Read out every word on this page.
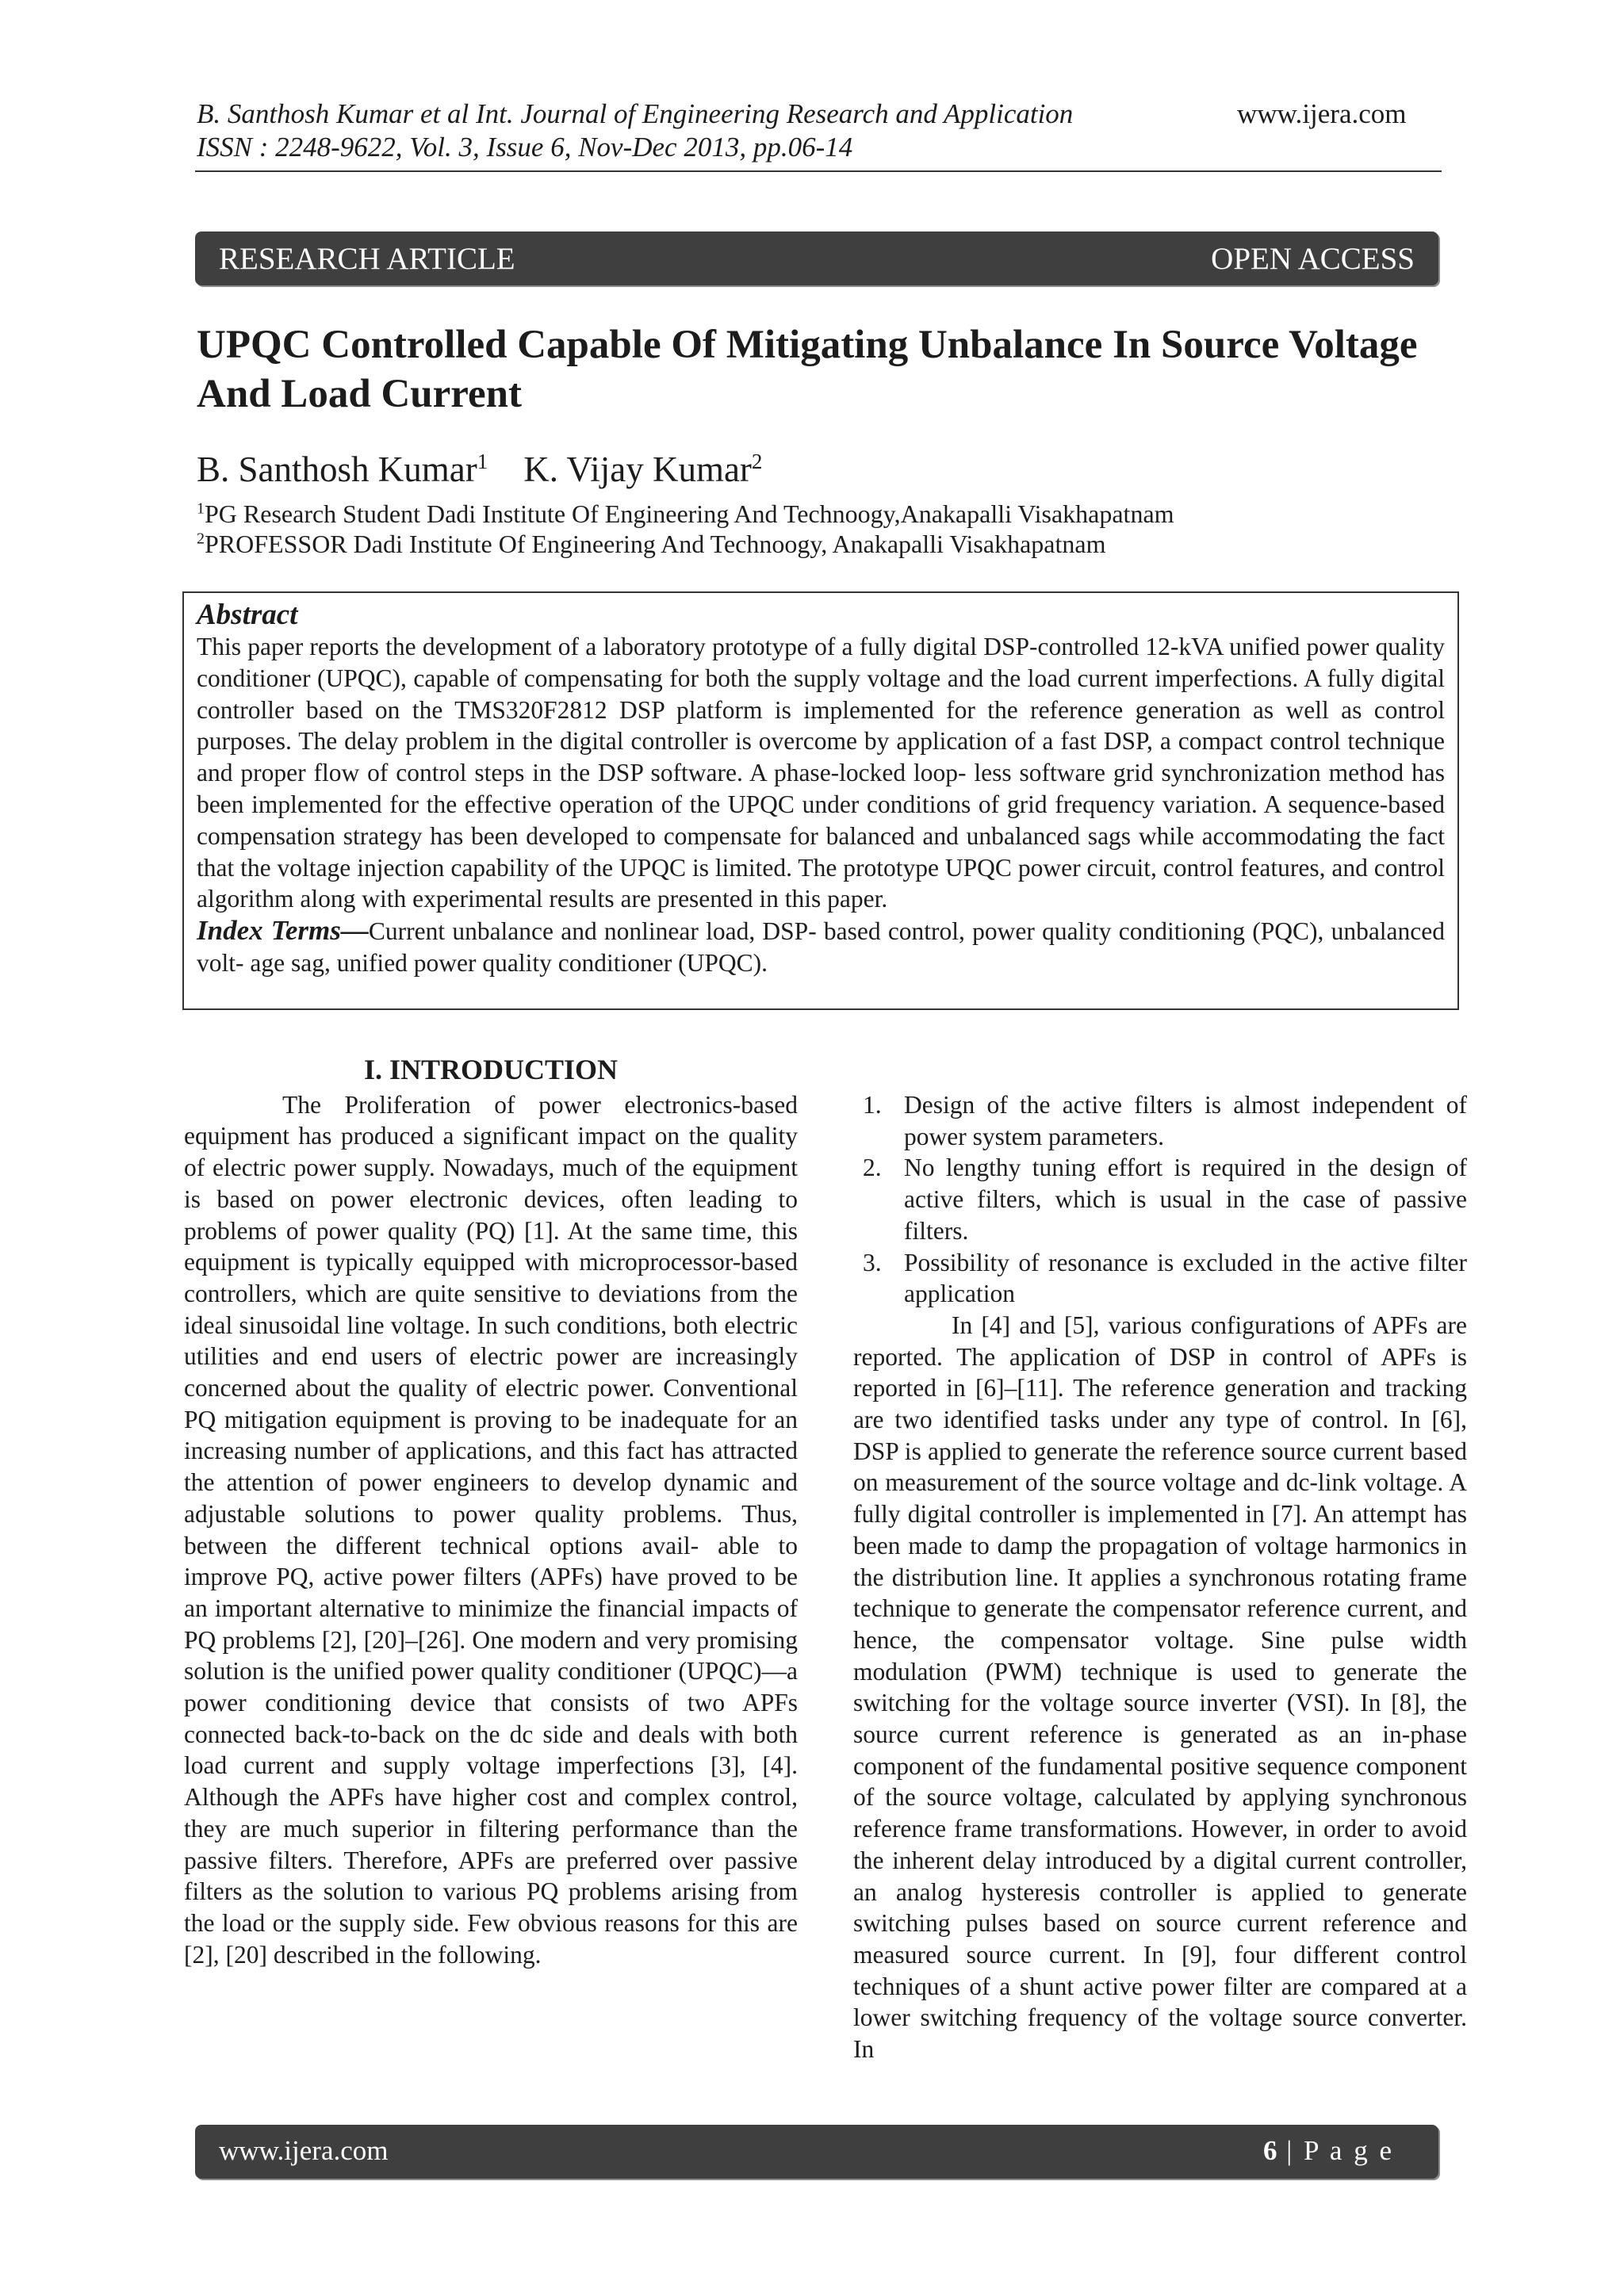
B. Santhosh Kumar et al Int. Journal of Engineering Research and Application
ISSN : 2248-9622, Vol. 3, Issue 6, Nov-Dec 2013, pp.06-14
www.ijera.com
RESEARCH ARTICLE	OPEN ACCESS
UPQC Controlled Capable Of Mitigating Unbalance In Source Voltage And Load Current
B. Santhosh Kumar$^1$ K. Vijay Kumar$^2$
$^1$PG Research Student Dadi Institute Of Engineering And Technoogy,Anakapalli Visakhapatnam
$^2$PROFESSOR Dadi Institute Of Engineering And Technoogy, Anakapalli Visakhapatnam
Abstract
This paper reports the development of a laboratory prototype of a fully digital DSP-controlled 12-kVA unified power quality conditioner (UPQC), capable of compensating for both the supply voltage and the load current imperfections. A fully digital controller based on the TMS320F2812 DSP platform is implemented for the reference generation as well as control purposes. The delay problem in the digital controller is overcome by application of a fast DSP, a compact control technique and proper flow of control steps in the DSP software. A phase-locked loop- less software grid synchronization method has been implemented for the effective operation of the UPQC under conditions of grid frequency variation. A sequence-based compensation strategy has been developed to compensate for balanced and unbalanced sags while accommodating the fact that the voltage injection capability of the UPQC is limited. The prototype UPQC power circuit, control features, and control algorithm along with experimental results are presented in this paper.
Index Terms—Current unbalance and nonlinear load, DSP- based control, power quality conditioning (PQC), unbalanced volt- age sag, unified power quality conditioner (UPQC).
I. INTRODUCTION
The Proliferation of power electronics-based equipment has produced a significant impact on the quality of electric power supply. Nowadays, much of the equipment is based on power electronic devices, often leading to problems of power quality (PQ) [1]. At the same time, this equipment is typically equipped with microprocessor-based controllers, which are quite sensitive to deviations from the ideal sinusoidal line voltage. In such conditions, both electric utilities and end users of electric power are increasingly concerned about the quality of electric power. Conventional PQ mitigation equipment is proving to be inadequate for an increasing number of applications, and this fact has attracted the attention of power engineers to develop dynamic and adjustable solutions to power quality problems. Thus, between the different technical options avail- able to improve PQ, active power filters (APFs) have proved to be an important alternative to minimize the financial impacts of PQ problems [2], [20]–[26]. One modern and very promising solution is the unified power quality conditioner (UPQC)—a power conditioning device that consists of two APFs connected back-to-back on the dc side and deals with both load current and supply voltage imperfections [3], [4]. Although the APFs have higher cost and complex control, they are much superior in filtering performance than the passive filters. Therefore, APFs are preferred over passive filters as the solution to various PQ problems arising from the load or the supply side. Few obvious reasons for this are [2], [20] described in the following.
1. Design of the active filters is almost independent of power system parameters.
2. No lengthy tuning effort is required in the design of active filters, which is usual in the case of passive filters.
3. Possibility of resonance is excluded in the active filter application
In [4] and [5], various configurations of APFs are reported. The application of DSP in control of APFs is reported in [6]–[11]. The reference generation and tracking are two identified tasks under any type of control. In [6], DSP is applied to generate the reference source current based on measurement of the source voltage and dc-link voltage. A fully digital controller is implemented in [7]. An attempt has been made to damp the propagation of voltage harmonics in the distribution line. It applies a synchronous rotating frame technique to generate the compensator reference current, and hence, the compensator voltage. Sine pulse width modulation (PWM) technique is used to generate the switching for the voltage source inverter (VSI). In [8], the source current reference is generated as an in-phase component of the fundamental positive sequence component of the source voltage, calculated by applying synchronous reference frame transformations. However, in order to avoid the inherent delay introduced by a digital current controller, an analog hysteresis controller is applied to generate switching pulses based on source current reference and measured source current. In [9], four different control techniques of a shunt active power filter are compared at a lower switching frequency of the voltage source converter. In
www.ijera.com	6 | P a g e
